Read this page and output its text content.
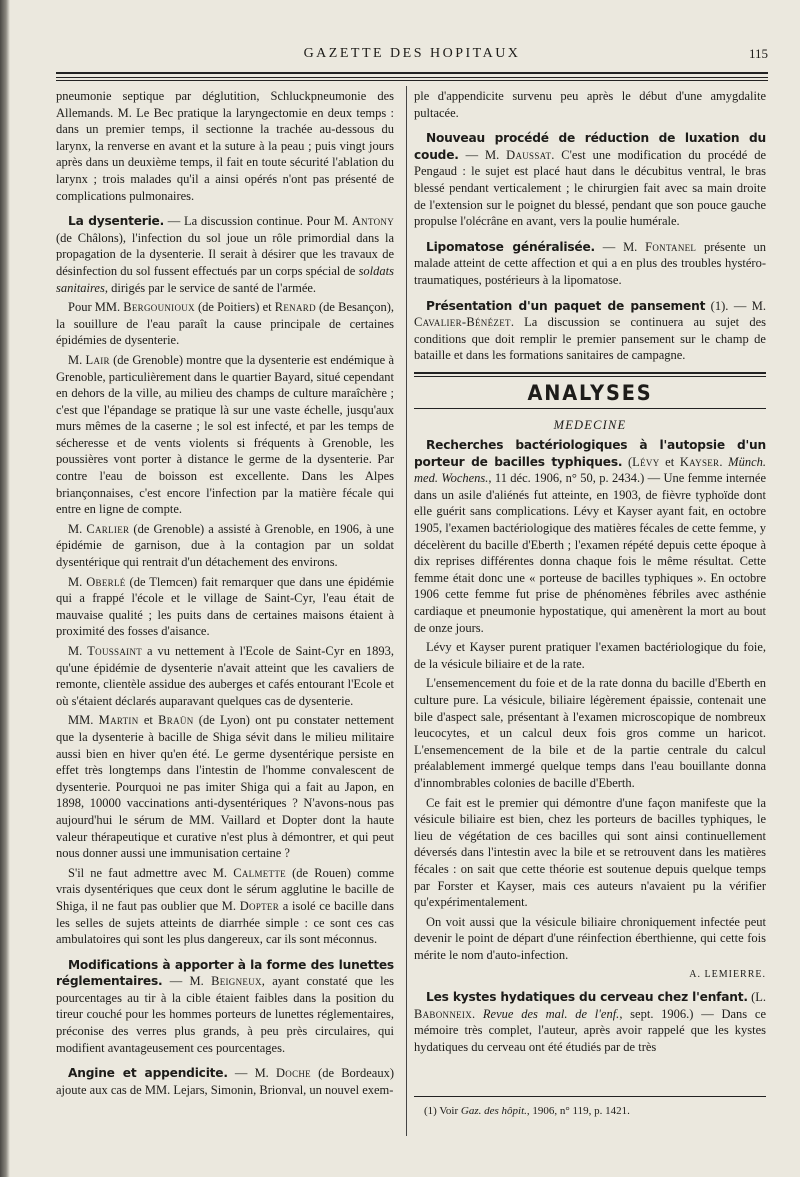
GAZETTE DES HOPITAUX	115

pneumonie septique par déglutition, Schluckpneumonie des Allemands. M. Le Bec pratique la laryngectomie en deux temps : dans un premier temps, il sectionne la trachée au-dessous du larynx, la renverse en avant et la suture à la peau ; puis vingt jours après dans un deuxième temps, il fait en toute sécurité l'ablation du larynx ; trois malades qu'il a ainsi opérés n'ont pas présenté de complications pulmonaires.

La dysenterie. — La discussion continue. Pour M. Antony (de Châlons), l'infection du sol joue un rôle primordial dans la propagation de la dysenterie. Il serait à désirer que les travaux de désinfection du sol fussent effectués par un corps spécial de soldats sanitaires, dirigés par le service de santé de l'armée.

Pour MM. Bergounioux (de Poitiers) et Renard (de Besançon), la souillure de l'eau paraît la cause principale de certaines épidémies de dysenterie.

M. Lair (de Grenoble) montre que la dysenterie est endémique à Grenoble, particulièrement dans le quartier Bayard, situé cependant en dehors de la ville, au milieu des champs de culture maraîchère ; c'est que l'épandage se pratique là sur une vaste échelle, jusqu'aux murs mêmes de la caserne ; le sol est infecté, et par les temps de sécheresse et de vents violents si fréquents à Grenoble, les poussières vont porter à distance le germe de la dysenterie. Par contre l'eau de boisson est excellente. Dans les Alpes briançonnaises, c'est encore l'infection par la matière fécale qui entre en ligne de compte.

M. Carlier (de Grenoble) a assisté à Grenoble, en 1906, à une épidémie de garnison, due à la contagion par un soldat dysentérique qui rentrait d'un détachement des environs.

M. Oberlé (de Tlemcen) fait remarquer que dans une épidémie qui a frappé l'école et le village de Saint-Cyr, l'eau était de mauvaise qualité ; les puits dans de certaines maisons étaient à proximité des fosses d'aisance.

M. Toussaint a vu nettement à l'Ecole de Saint-Cyr en 1893, qu'une épidémie de dysenterie n'avait atteint que les cavaliers de remonte, clientèle assidue des auberges et cafés entourant l'Ecole et où s'étaient déclarés auparavant quelques cas de dysenterie.

MM. Martin et Braün (de Lyon) ont pu constater nettement que la dysenterie à bacille de Shiga sévit dans le milieu militaire aussi bien en hiver qu'en été. Le germe dysentérique persiste en effet très longtemps dans l'intestin de l'homme convalescent de dysenterie. Pourquoi ne pas imiter Shiga qui a fait au Japon, en 1898, 10000 vaccinations anti-dysentériques ? N'avons-nous pas aujourd'hui le sérum de MM. Vaillard et Dopter dont la haute valeur thérapeutique et curative n'est plus à démontrer, et qui peut nous donner aussi une immunisation certaine ?

S'il ne faut admettre avec M. Calmette (de Rouen) comme vrais dysentériques que ceux dont le sérum agglutine le bacille de Shiga, il ne faut pas oublier que M. Dopter a isolé ce bacille dans les selles de sujets atteints de diarrhée simple : ce sont ces cas ambulatoires qui sont les plus dangereux, car ils sont méconnus.

Modifications à apporter à la forme des lunettes réglementaires. — M. Beigneux, ayant constaté que les pourcentages au tir à la cible étaient faibles dans la position du tireur couché pour les hommes porteurs de lunettes réglementaires, préconise des verres plus grands, à peu près circulaires, qui modifient avantageusement ces pourcentages.

Angine et appendicite. — M. Doche (de Bordeaux) ajoute aux cas de MM. Lejars, Simonin, Brionval, un nouvel exem-

ple d'appendicite survenu peu après le début d'une amygdalite pultacée.

Nouveau procédé de réduction de luxation du coude. — M. Daussat. C'est une modification du procédé de Pengaud : le sujet est placé haut dans le décubitus ventral, le bras blessé pendant verticalement ; le chirurgien fait avec sa main droite de l'extension sur le poignet du blessé, pendant que son pouce gauche propulse l'olécrâne en avant, vers la poulie humérale.

Lipomatose généralisée. — M. Fontanel présente un malade atteint de cette affection et qui a en plus des troubles hystéro-traumatiques, postérieurs à la lipomatose.

Présentation d'un paquet de pansement (1). — M. Cavalier-Bénézet. La discussion se continuera au sujet des conditions que doit remplir le premier pansement sur le champ de bataille et dans les formations sanitaires de campagne.

ANALYSES
MEDECINE

Recherches bactériologiques à l'autopsie d'un porteur de bacilles typhiques. (Lévy et Kayser. Münch. med. Wochens., 11 déc. 1906, n° 50, p. 2434.) — Une femme internée dans un asile d'aliénés fut atteinte, en 1903, de fièvre typhoïde dont elle guérit sans complications. Lévy et Kayser ayant fait, en octobre 1905, l'examen bactériologique des matières fécales de cette femme, y décelèrent du bacille d'Eberth ; l'examen répété depuis cette époque à dix reprises différentes donna chaque fois le même résultat. Cette femme était donc une « porteuse de bacilles typhiques ». En octobre 1906 cette femme fut prise de phénomènes fébriles avec asthénie cardiaque et pneumonie hypostatique, qui amenèrent la mort au bout de onze jours.

Lévy et Kayser purent pratiquer l'examen bactériologique du foie, de la vésicule biliaire et de la rate.

L'ensemencement du foie et de la rate donna du bacille d'Eberth en culture pure. La vésicule, biliaire légèrement épaissie, contenait une bile d'aspect sale, présentant à l'examen microscopique de nombreux leucocytes, et un calcul deux fois gros comme un haricot. L'ensemencement de la bile et de la partie centrale du calcul préalablement immergé quelque temps dans l'eau bouillante donna d'innombrables colonies de bacille d'Eberth.

Ce fait est le premier qui démontre d'une façon manifeste que la vésicule biliaire est bien, chez les porteurs de bacilles typhiques, le lieu de végétation de ces bacilles qui sont ainsi continuellement déversés dans l'intestin avec la bile et se retrouvent dans les matières fécales : on sait que cette théorie est soutenue depuis quelque temps par Forster et Kayser, mais ces auteurs n'avaient pu la vérifier qu'expérimentalement.

On voit aussi que la vésicule biliaire chroniquement infectée peut devenir le point de départ d'une réinfection éberthienne, qui cette fois mérite le nom d'auto-infection.

A. LEMIERRE.

Les kystes hydatiques du cerveau chez l'enfant. (L. Babonneix. Revue des mal. de l'enf., sept. 1906.) — Dans ce mémoire très complet, l'auteur, après avoir rappelé que les kystes hydatiques du cerveau ont été étudiés par de très

(1) Voir Gaz. des hôpit., 1906, n° 119, p. 1421.
